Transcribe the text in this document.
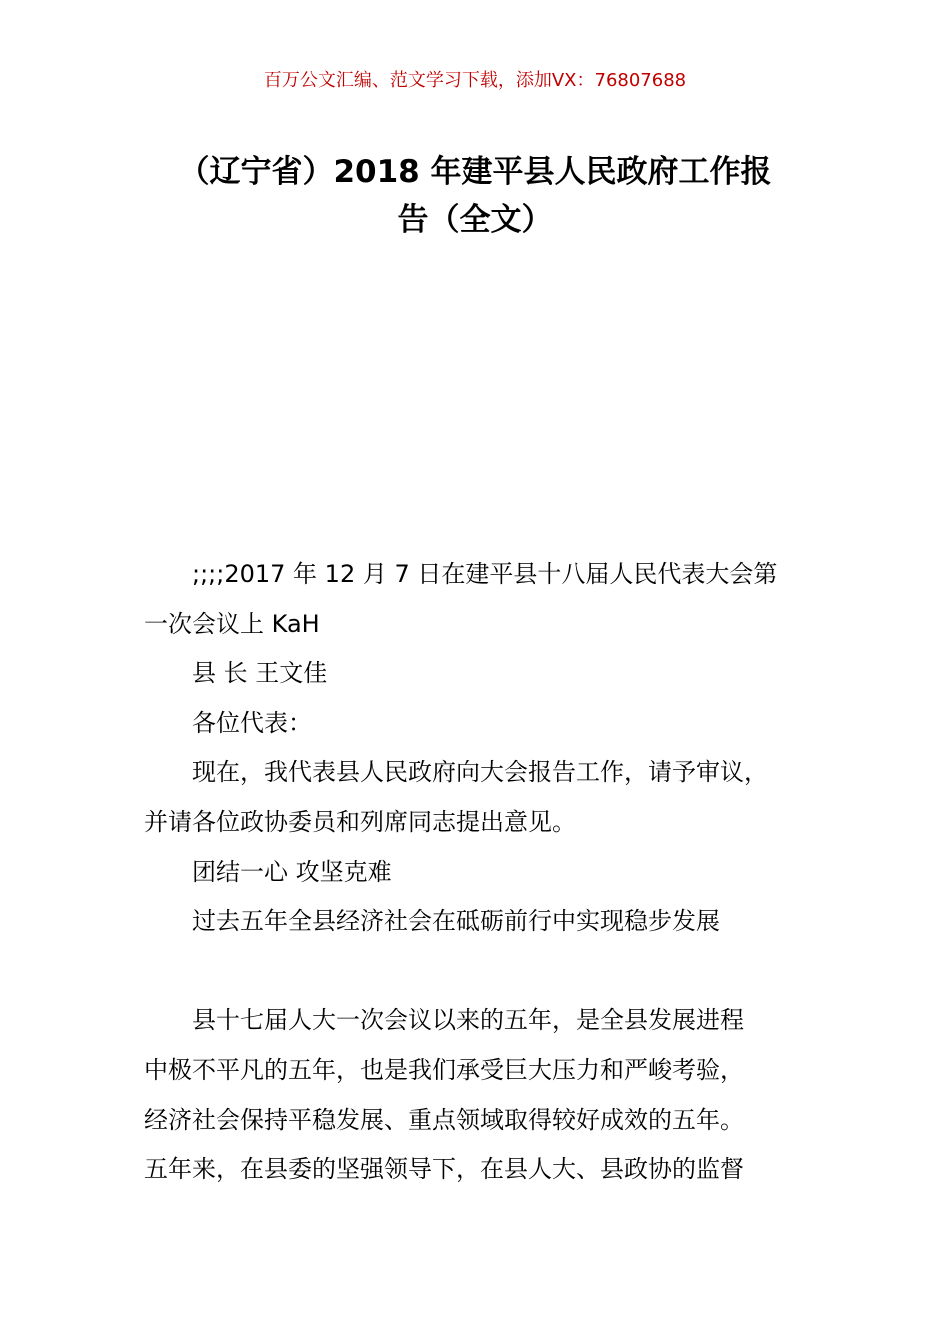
百万公文汇编、范文学习下载，添加VX：76807688
（辽宁省）2018 年建平县人民政府工作报
告（全文）

;;;;2017 年 12 月 7 日在建平县十八届人民代表大会第

一次会议上 KaH

县 长 王文佳

各位代表：

现在，我代表县人民政府向大会报告工作，请予审议，

并请各位政协委员和列席同志提出意见。

团结一心 攻坚克难

过去五年全县经济社会在砥砺前行中实现稳步发展

县十七届人大一次会议以来的五年，是全县发展进程

中极不平凡的五年，也是我们承受巨大压力和严峻考验，

经济社会保持平稳发展、重点领域取得较好成效的五年。

五年来，在县委的坚强领导下，在县人大、县政协的监督
